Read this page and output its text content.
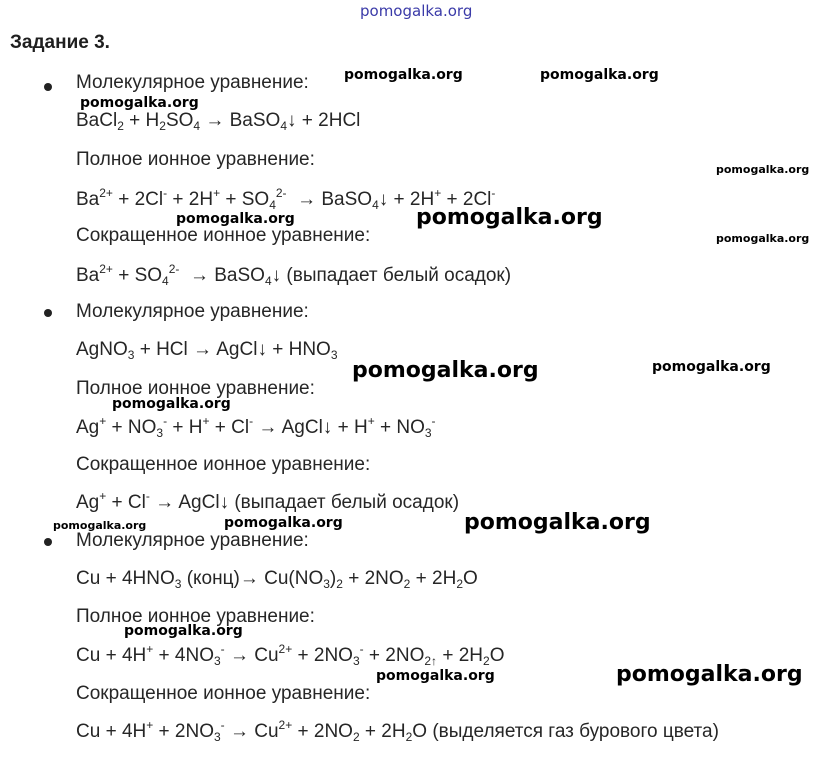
pomogalka.org
Задание 3.
Молекулярное уравнение:
BaCl$_2$ + $H_2SO_4$ → BaSO$_4$↓ + 2HCl
Полное ионное уравнение:
$Ba^{2+} + 2Cl^- + 2H^+ + SO_4^{2-}$  → BaSO$_4$↓ + 2H+ + 2Cl-
Сокращенное ионное уравнение:
$Ba^{2+} + SO_4^{2-}$  → BaSO$_4$↓ (выпадает белый осадок)
Молекулярное уравнение:
AgNO$_3$ + HCl → AgCl↓ + $HNO_3$
Полное ионное уравнение:
$Ag^+ + NO_3^- + H^+ + Cl^-$ → AgCl↓ + $H^+ + NO_3^-$
Сокращенное ионное уравнение:
Ag+ + Cl- → AgCl↓ (выпадает белый осадок)
Молекулярное уравнение:
$Cu + 4HNO_3$ (конц)→ $Cu(NO_3)_2 + 2NO_2 + 2H_2O$
Полное ионное уравнение:
$Cu + 4H^+ + 4NO_3^- \to Cu^{2+} + 2NO_3^- + 2NO_{2↑} + 2H_2O$
Сокращенное ионное уравнение:
$Cu + 4H^+ + 2NO_3^- \to Cu^{2+} + 2NO_2 + 2H_2O$ (выделяется газ бурового цвета)
pomogalka.org	pomogalka.org
pomogalka.org
pomogalka.org
pomogalka.org	pomogalka.org
pomogalka.org
pomogalka.org	pomogalka.org
pomogalka.org
pomogalka.org	pomogalka.org	pomogalka.org
pomogalka.org
pomogalka.org	pomogalka.org
